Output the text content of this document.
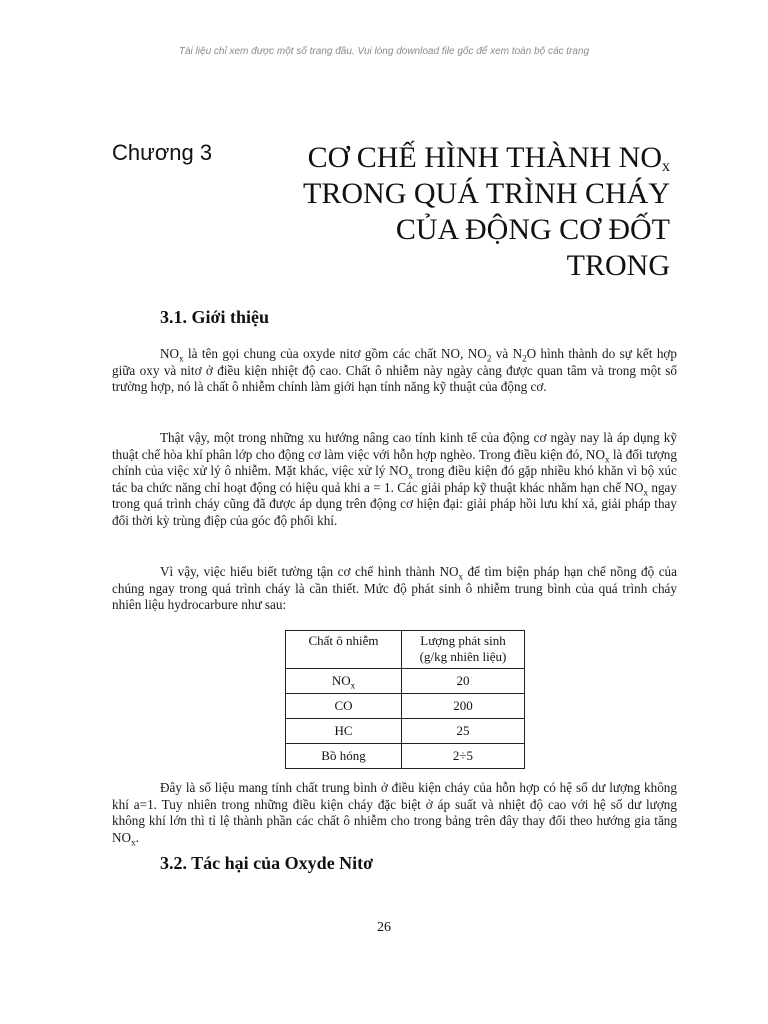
Tài liệu chỉ xem được một số trang đầu. Vui lòng download file gốc để xem toàn bộ các trang
Chương 3	CƠ CHẾ HÌNH THÀNH $NO_x$
TRONG QUÁ TRÌNH CHÁY
CỦA ĐỘNG CƠ ĐỐT
TRONG
3.1. Giới thiệu

$NO_x$ là tên gọi chung của oxyde nitơ gồm các chất NO, $NO_2$ và $N_2O$ hình thành do sự kết hợp giữa oxy và nitơ ở điều kiện nhiệt độ cao. Chất ô nhiễm này ngày càng được quan tâm và trong một số trường hợp, nó là chất ô nhiễm chính làm giới hạn tính năng kỹ thuật của động cơ.

Thật vậy, một trong những xu hướng nâng cao tính kinh tế của động cơ ngày nay là áp dụng kỹ thuật chế hòa khí phân lớp cho động cơ làm việc với hỗn hợp nghèo. Trong điều kiện đó, $NO_x$ là đối tượng chính của việc xử lý ô nhiễm. Mặt khác, việc xử lý $NO_x$ trong điều kiện đó gặp nhiều khó khăn vì bộ xúc tác ba chức năng chỉ hoạt động có hiệu quả khi a = 1. Các giải pháp kỹ thuật khác nhằm hạn chế $NO_x$ ngay trong quá trình cháy cũng đã được áp dụng trên động cơ hiện đại: giải pháp hồi lưu khí xả, giải pháp thay đổi thời kỳ trùng điệp của góc độ phối khí.

Vì vậy, việc hiểu biết tường tận cơ chế hình thành $NO_x$ để tìm biện pháp hạn chế nồng độ của chúng ngay trong quá trình cháy là cần thiết. Mức độ phát sinh ô nhiễm trung bình của quá trình cháy nhiên liệu hydrocarbure như sau:

Chất ô nhiễm	Lượng phát sinh
(g/kg nhiên liệu)
$NO_x$	20
CO	200
HC	25
Bồ hóng	2÷5

Đây là số liệu mang tính chất trung bình ở điều kiện cháy của hỗn hợp có hệ số dư lượng không khí a=1. Tuy nhiên trong những điều kiện cháy đặc biệt ở áp suất và nhiệt độ cao với hệ số dư lượng không khí lớn thì tỉ lệ thành phần các chất ô nhiễm cho trong bảng trên đây thay đổi theo hướng gia tăng $NO_x$.

3.2. Tác hại của Oxyde Nitơ
26
